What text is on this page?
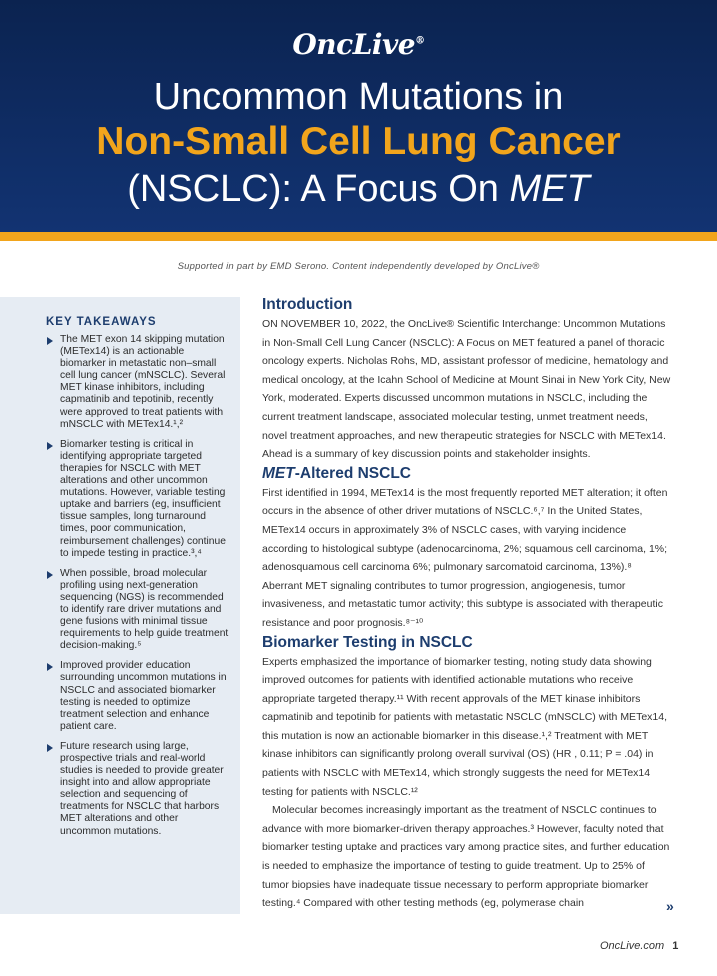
OncLive®
Uncommon Mutations in
Non-Small Cell Lung Cancer
(NSCLC): A Focus On MET
Supported in part by EMD Serono. Content independently developed by OncLive®
KEY TAKEAWAYS
The MET exon 14 skipping mutation (METex14) is an actionable biomarker in metastatic non–small cell lung cancer (mNSCLC). Several MET kinase inhibitors, including capmatinib and tepotinib, recently were approved to treat patients with mNSCLC with METex14.¹,²
Biomarker testing is critical in identifying appropriate targeted therapies for NSCLC with MET alterations and other uncommon mutations. However, variable testing uptake and barriers (eg, insufficient tissue samples, long turnaround times, poor communication, reimbursement challenges) continue to impede testing in practice.³,⁴
When possible, broad molecular profiling using next-generation sequencing (NGS) is recommended to identify rare driver mutations and gene fusions with minimal tissue requirements to help guide treatment decision-making.⁵
Improved provider education surrounding uncommon mutations in NSCLC and associated biomarker testing is needed to optimize treatment selection and enhance patient care.
Future research using large, prospective trials and real-world studies is needed to provide greater insight into and allow appropriate selection and sequencing of treatments for NSCLC that harbors MET alterations and other uncommon mutations.
Introduction

ON NOVEMBER 10, 2022, the OncLive® Scientific Interchange: Uncommon Mutations in Non-Small Cell Lung Cancer (NSCLC): A Focus on MET featured a panel of thoracic oncology experts. Nicholas Rohs, MD, assistant professor of medicine, hematology and medical oncology, at the Icahn School of Medicine at Mount Sinai in New York City, New York, moderated. Experts discussed uncommon mutations in NSCLC, including the current treatment landscape, associated molecular testing, unmet treatment needs, novel treatment approaches, and new therapeutic strategies for NSCLC with METex14. Ahead is a summary of key discussion points and stakeholder insights.

MET-Altered NSCLC

First identified in 1994, METex14 is the most frequently reported MET alteration; it often occurs in the absence of other driver mutations of NSCLC.⁶,⁷ In the United States, METex14 occurs in approximately 3% of NSCLC cases, with varying incidence according to histological subtype (adenocarcinoma, 2%; squamous cell carcinoma, 1%; adenosquamous cell carcinoma 6%; pulmonary sarcomatoid carcinoma, 13%).⁸ Aberrant MET signaling contributes to tumor progression, angiogenesis, tumor invasiveness, and metastatic tumor activity; this subtype is associated with therapeutic resistance and poor prognosis.⁸⁻¹⁰

Biomarker Testing in NSCLC

Experts emphasized the importance of biomarker testing, noting study data showing improved outcomes for patients with identified actionable mutations who receive appropriate targeted therapy.¹¹ With recent approvals of the MET kinase inhibitors capmatinib and tepotinib for patients with metastatic NSCLC (mNSCLC) with METex14, this mutation is now an actionable biomarker in this disease.¹,² Treatment with MET kinase inhibitors can significantly prolong overall survival (OS) (HR , 0.11; P = .04) in patients with NSCLC with METex14, which strongly suggests the need for METex14 testing for patients with NSCLC.¹²

Molecular becomes increasingly important as the treatment of NSCLC continues to advance with more biomarker-driven therapy approaches.³ However, faculty noted that biomarker testing uptake and practices vary among practice sites, and further education is needed to emphasize the importance of testing to guide treatment. Up to 25% of tumor biopsies have inadequate tissue necessary to perform appropriate biomarker testing.⁴ Compared with other testing methods (eg, polymerase chain	»
OncLive.com 1
